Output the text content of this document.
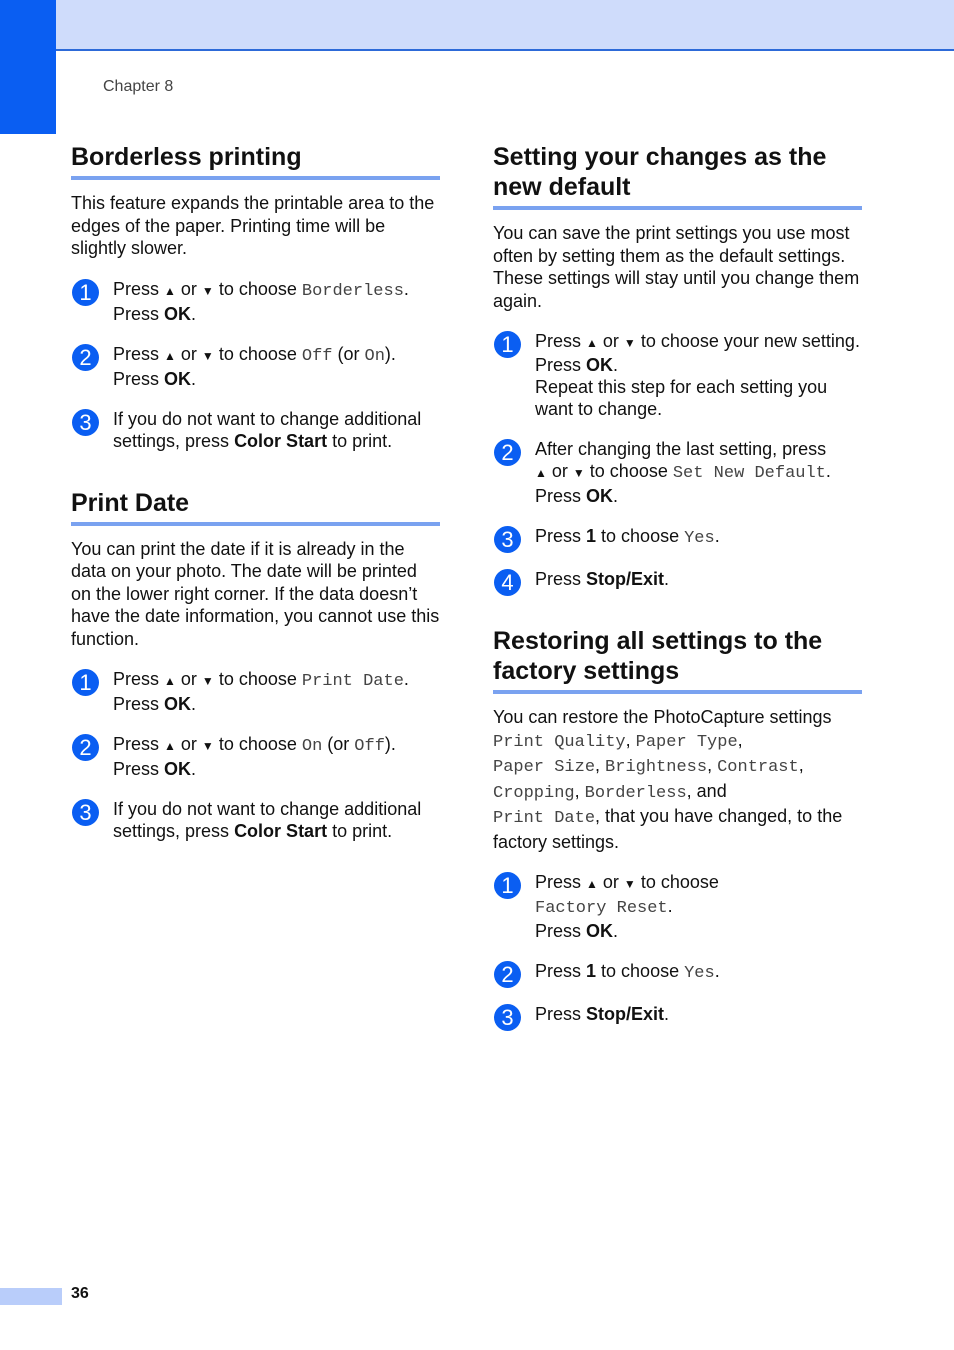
Chapter 8
Borderless printing

This feature expands the printable area to the edges of the paper. Printing time will be slightly slower.

1	Press ▲ or ▼ to choose Borderless.
Press OK.
2	Press ▲ or ▼ to choose Off (or On).
Press OK.
3	If you do not want to change additional settings, press Color Start to print.
Print Date

You can print the date if it is already in the data on your photo. The date will be printed on the lower right corner. If the data doesn’t have the date information, you cannot use this function.

1	Press ▲ or ▼ to choose Print Date.
Press OK.
2	Press ▲ or ▼ to choose On (or Off).
Press OK.
3	If you do not want to change additional settings, press Color Start to print.
Setting your changes as the new default

You can save the print settings you use most often by setting them as the default settings. These settings will stay until you change them again.

1	Press ▲ or ▼ to choose your new setting.
Press OK.
Repeat this step for each setting you want to change.
2	After changing the last setting, press
▲ or ▼ to choose Set New Default.
Press OK.
3	Press 1 to choose Yes.
4	Press Stop/Exit.
Restoring all settings to the factory settings

You can restore the PhotoCapture settings
Print Quality, Paper Type,
Paper Size, Brightness, Contrast,
Cropping, Borderless, and
Print Date, that you have changed, to the factory settings.

1	Press ▲ or ▼ to choose
Factory Reset.
Press OK.
2	Press 1 to choose Yes.
3	Press Stop/Exit.
36
